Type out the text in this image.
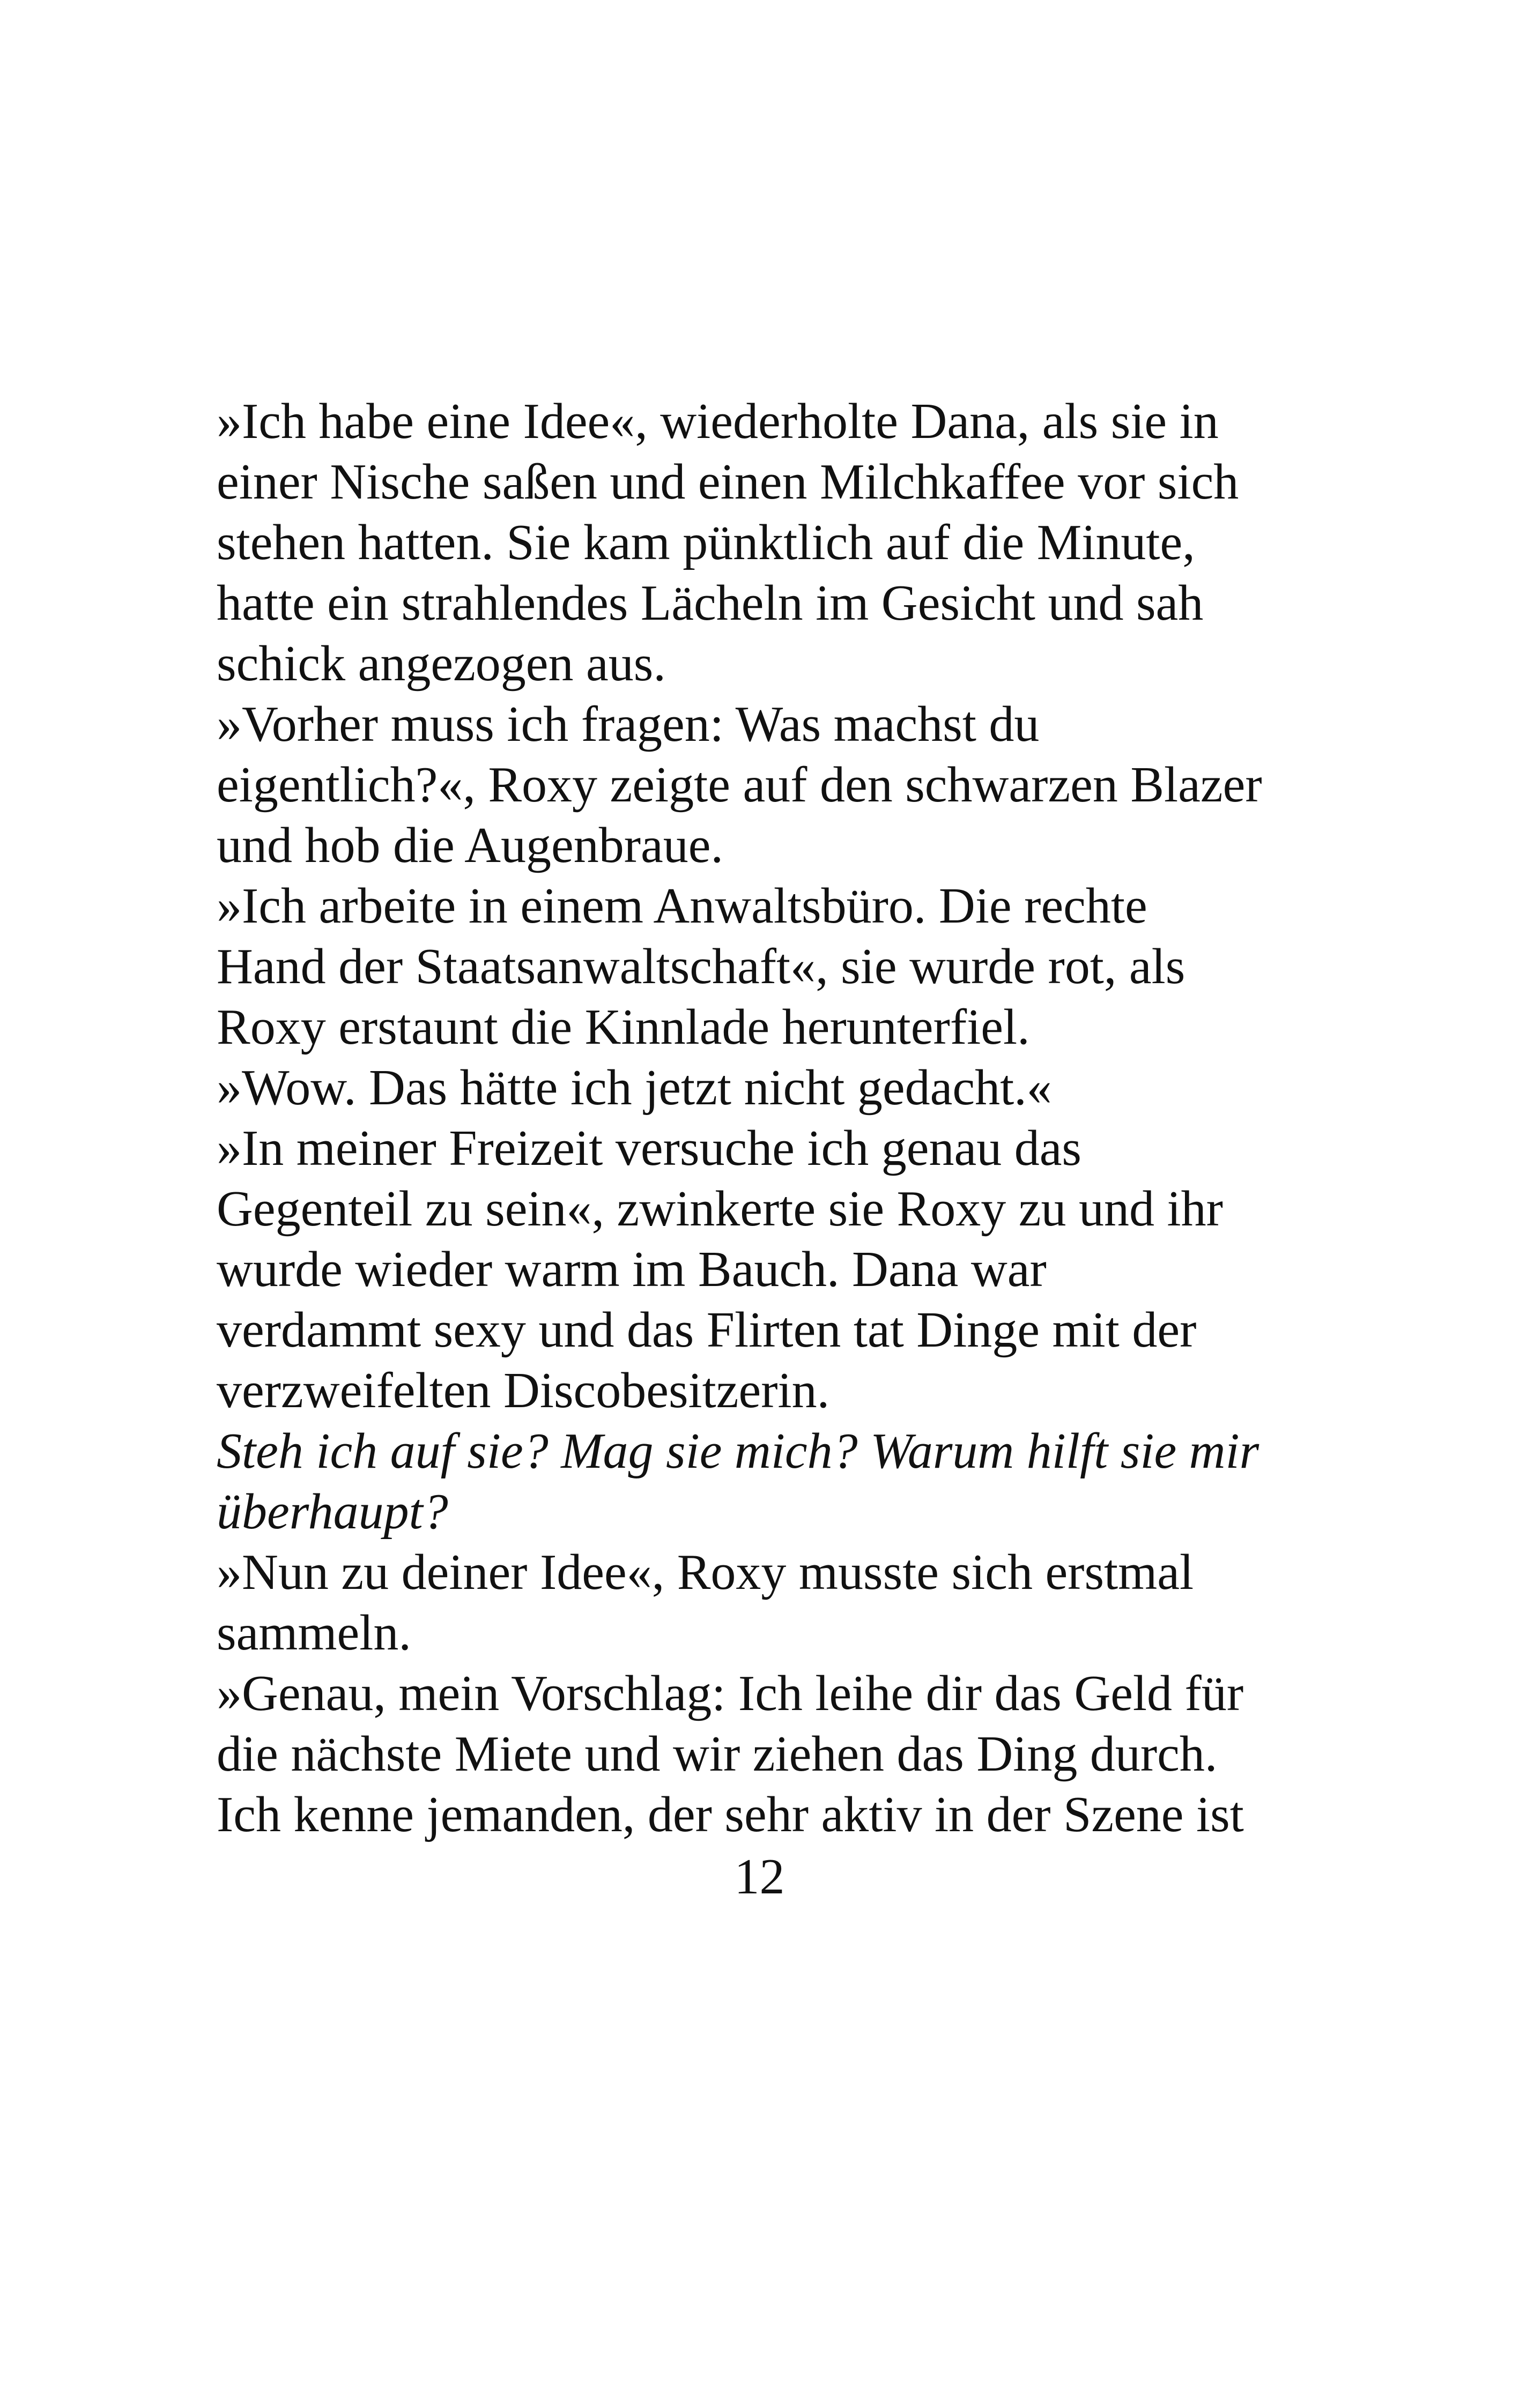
»Ich habe eine Idee«, wiederholte Dana, als sie in

einer Nische saßen und einen Milchkaffee vor sich

stehen hatten. Sie kam pünktlich auf die Minute,

hatte ein strahlendes Lächeln im Gesicht und sah

schick angezogen aus.

»Vorher muss ich fragen: Was machst du

eigentlich?«, Roxy zeigte auf den schwarzen Blazer

und hob die Augenbraue.

»Ich arbeite in einem Anwaltsbüro. Die rechte

Hand der Staatsanwaltschaft«, sie wurde rot, als

Roxy erstaunt die Kinnlade herunterfiel.

»Wow. Das hätte ich jetzt nicht gedacht.«

»In meiner Freizeit versuche ich genau das

Gegenteil zu sein«, zwinkerte sie Roxy zu und ihr

wurde wieder warm im Bauch. Dana war

verdammt sexy und das Flirten tat Dinge mit der

verzweifelten Discobesitzerin.

Steh ich auf sie? Mag sie mich? Warum hilft sie mir

überhaupt?

»Nun zu deiner Idee«, Roxy musste sich erstmal

sammeln.

»Genau, mein Vorschlag: Ich leihe dir das Geld für

die nächste Miete und wir ziehen das Ding durch.

Ich kenne jemanden, der sehr aktiv in der Szene ist

12
